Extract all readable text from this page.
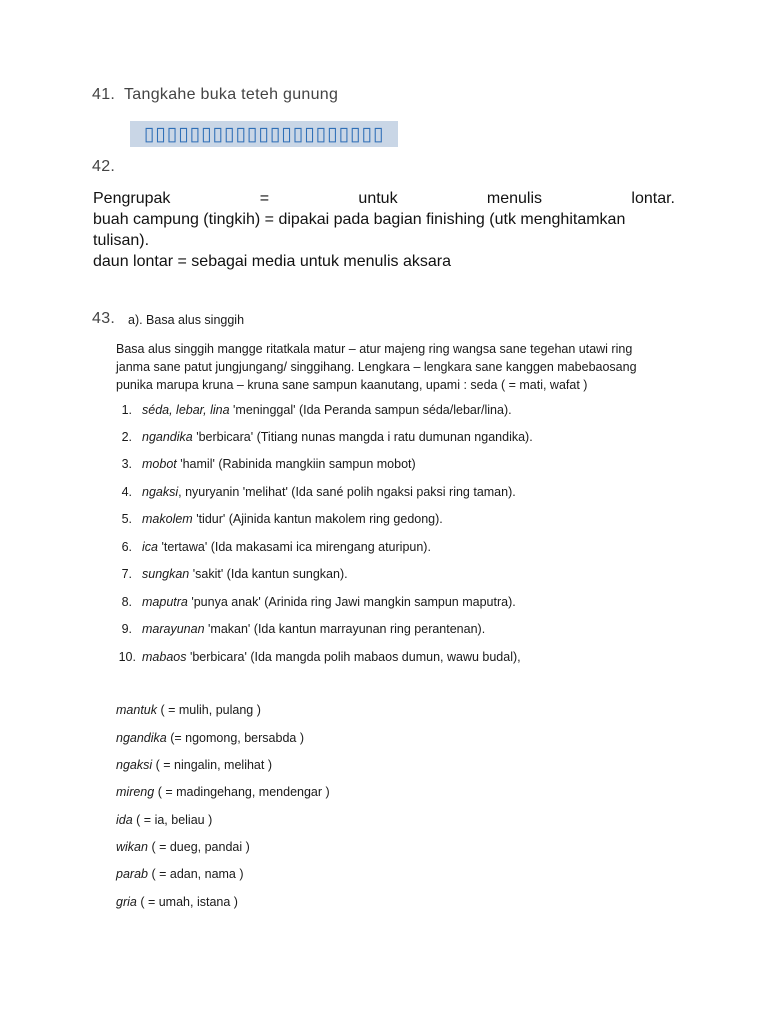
41. Tangkahe buka teteh gunung
▯▯▯▯▯▯▯▯▯▯▯▯▯▯▯▯▯▯▯▯▯
42.
Pengrupak	=	untuk	menulis	lontar.
buah campung (tingkih) = dipakai pada bagian finishing (utk menghitamkan
tulisan).
daun lontar = sebagai media untuk menulis aksara
43. a). Basa alus singgih
Basa alus singgih mangge ritatkala matur – atur majeng ring wangsa sane tegehan utawi ring
janma sane patut jungjungang/ singgihang. Lengkara – lengkara sane kanggen mabebaosang
punika marupa kruna – kruna sane sampun kaanutang, upami : seda ( = mati, wafat )
1. séda, lebar, lina 'meninggal' (Ida Peranda sampun séda/lebar/lina).
2. ngandika 'berbicara' (Titiang nunas mangda i ratu dumunan ngandika).
3. mobot 'hamil' (Rabinida mangkiin sampun mobot)
4. ngaksi, nyuryanin 'melihat' (Ida sané polih ngaksi paksi ring taman).
5. makolem 'tidur' (Ajinida kantun makolem ring gedong).
6. ica 'tertawa' (Ida makasami ica mirengang aturipun).
7. sungkan 'sakit' (Ida kantun sungkan).
8. maputra 'punya anak' (Arinida ring Jawi mangkin sampun maputra).
9. marayunan 'makan' (Ida kantun marrayunan ring perantenan).
10. mabaos 'berbicara' (Ida mangda polih mabaos dumun, wawu budal),
mantuk ( = mulih, pulang )
ngandika (= ngomong, bersabda )
ngaksi ( = ningalin, melihat )
mireng ( = madingehang, mendengar )
ida ( = ia, beliau )
wikan ( = dueg, pandai )
parab ( = adan, nama )
gria ( = umah, istana )
